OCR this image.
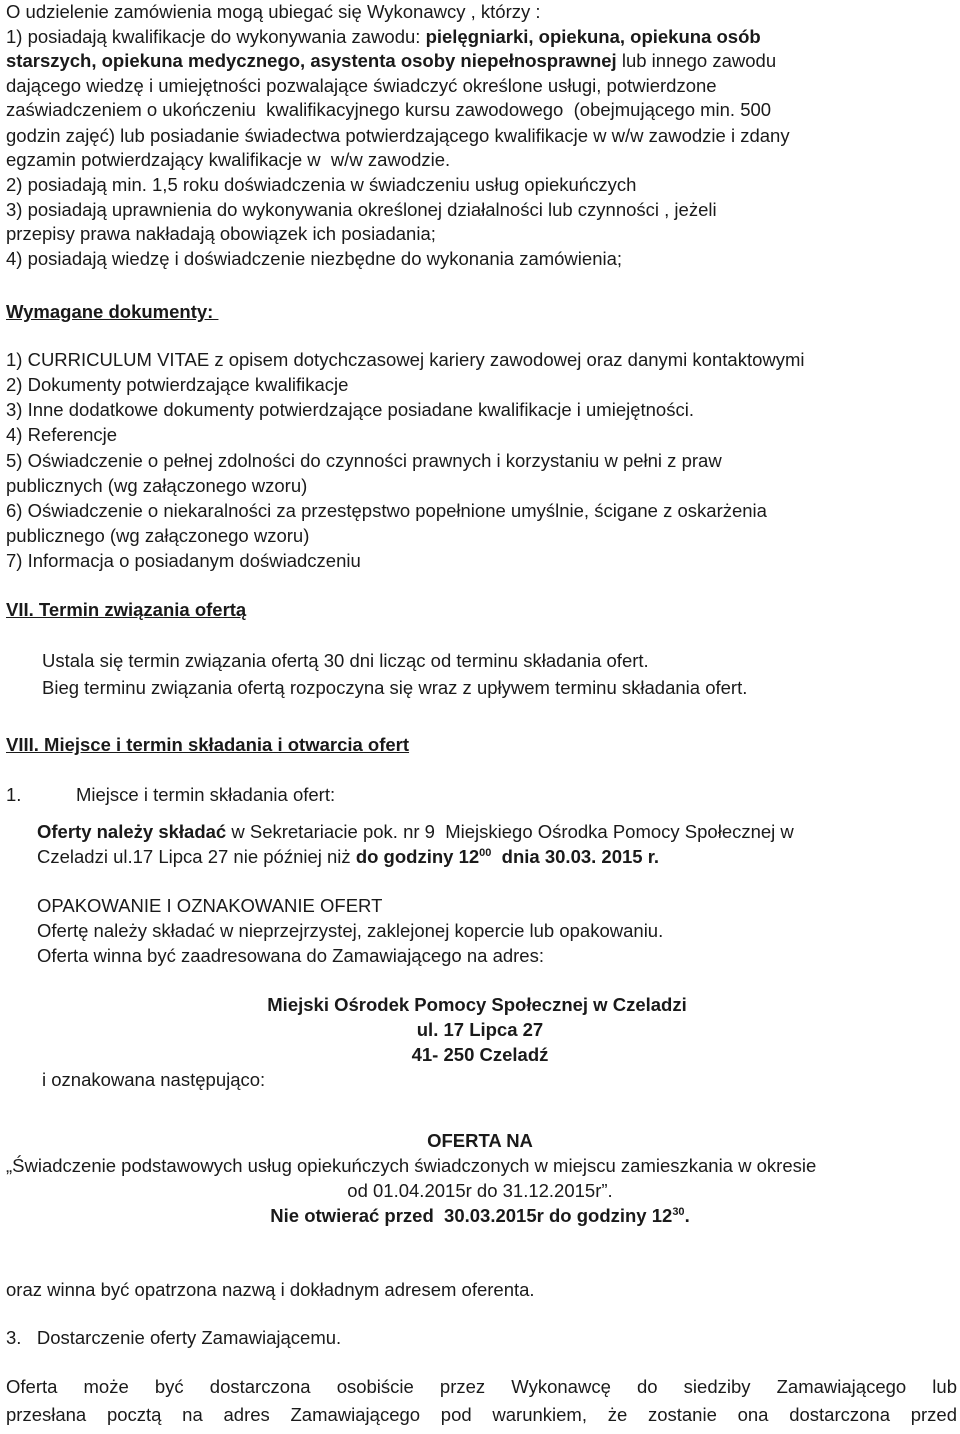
O udzielenie zamówienia mogą ubiegać się Wykonawcy , którzy :
1) posiadają kwalifikacje do wykonywania zawodu: pielęgniarki, opiekuna, opiekuna osób
starszych, opiekuna medycznego, asystenta osoby niepełnosprawnej lub innego zawodu
dającego wiedzę i umiejętności pozwalające świadczyć określone usługi, potwierdzone
zaświadczeniem o ukończeniu  kwalifikacyjnego kursu zawodowego  (obejmującego min. 500
godzin zajęć) lub posiadanie świadectwa potwierdzającego kwalifikacje w w/w zawodzie i zdany
egzamin potwierdzający kwalifikacje w  w/w zawodzie.
2) posiadają min. 1,5 roku doświadczenia w świadczeniu usług opiekuńczych
3) posiadają uprawnienia do wykonywania określonej działalności lub czynności , jeżeli
przepisy prawa nakładają obowiązek ich posiadania;
4) posiadają wiedzę i doświadczenie niezbędne do wykonania zamówienia;
Wymagane dokumenty:
1) CURRICULUM VITAE z opisem dotychczasowej kariery zawodowej oraz danymi kontaktowymi
2) Dokumenty potwierdzające kwalifikacje
3) Inne dodatkowe dokumenty potwierdzające posiadane kwalifikacje i umiejętności.
4) Referencje
5) Oświadczenie o pełnej zdolności do czynności prawnych i korzystaniu w pełni z praw
publicznych (wg załączonego wzoru)
6) Oświadczenie o niekaralności za przestępstwo popełnione umyślnie, ścigane z oskarżenia
publicznego (wg załączonego wzoru)
7) Informacja o posiadanym doświadczeniu
VII. Termin związania ofertą
Ustala się termin związania ofertą 30 dni licząc od terminu składania ofert.
Bieg terminu związania ofertą rozpoczyna się wraz z upływem terminu składania ofert.
VIII. Miejsce i termin składania i otwarcia ofert
1.	Miejsce i termin składania ofert:
Oferty należy składać w Sekretariacie pok. nr 9  Miejskiego Ośrodka Pomocy Społecznej w
Czeladzi ul.17 Lipca 27 nie później niż do godziny $12^{00}$  dnia 30.03. 2015 r.
OPAKOWANIE I OZNAKOWANIE OFERT
Ofertę należy składać w nieprzejrzystej, zaklejonej kopercie lub opakowaniu.
Oferta winna być zaadresowana do Zamawiającego na adres:
Miejski Ośrodek Pomocy Społecznej w Czeladzi
ul. 17 Lipca 27
41- 250 Czeladź
i oznakowana następująco:
OFERTA NA
„Świadczenie podstawowych usług opiekuńczych świadczonych w miejscu zamieszkania w okresie
od 01.04.2015r do 31.12.2015r”.
Nie otwierać przed  30.03.2015r do godziny $12^{30}$.
oraz winna być opatrzona nazwą i dokładnym adresem oferenta.
3.   Dostarczenie oferty Zamawiającemu.
Oferta może być dostarczona osobiście przez Wykonawcę do siedziby Zamawiającego lub
przesłana pocztą na adres Zamawiającego pod warunkiem, że zostanie ona dostarczona przed
